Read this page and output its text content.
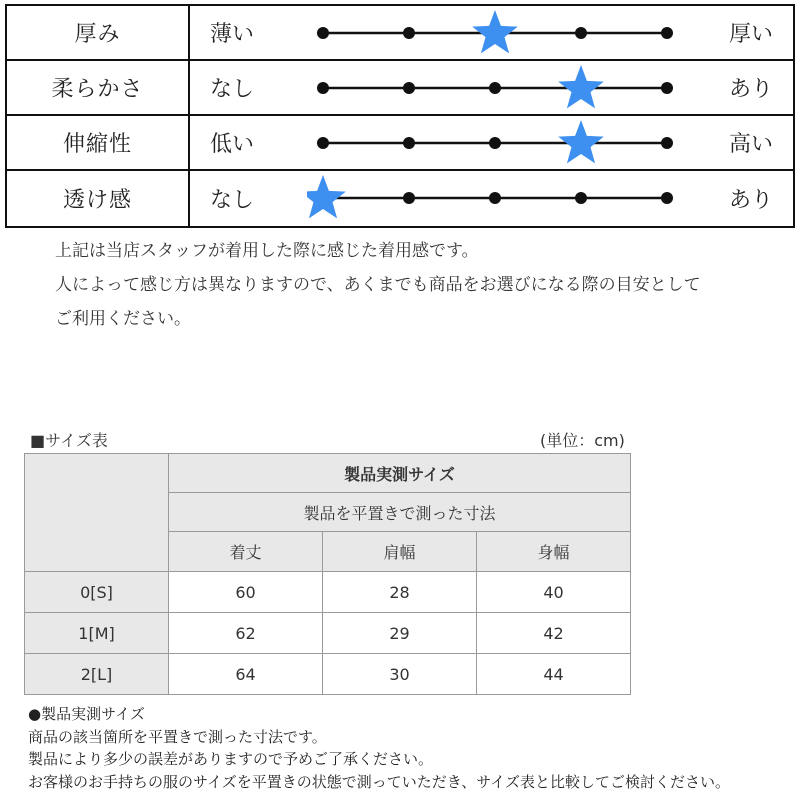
厚み	薄い	厚い
柔らかさ	なし	あり
伸縮性	低い	高い
透け感	なし	あり
上記は当店スタッフが着用した際に感じた着用感です。
人によって感じ方は異なりますので、あくまでも商品をお選びになる際の目安として
ご利用ください。
■サイズ表	(単位：cm)
	製品実測サイズ		
	製品を平置きで測った寸法		
	着丈	肩幅	身幅
0[S]	60	28	40
1[M]	62	29	42
2[L]	64	30	44
●製品実測サイズ
商品の該当箇所を平置きで測った寸法です。
製品により多少の誤差がありますので予めご了承ください。
お客様のお手持ちの服のサイズを平置きの状態で測っていただき、サイズ表と比較してご検討ください。
